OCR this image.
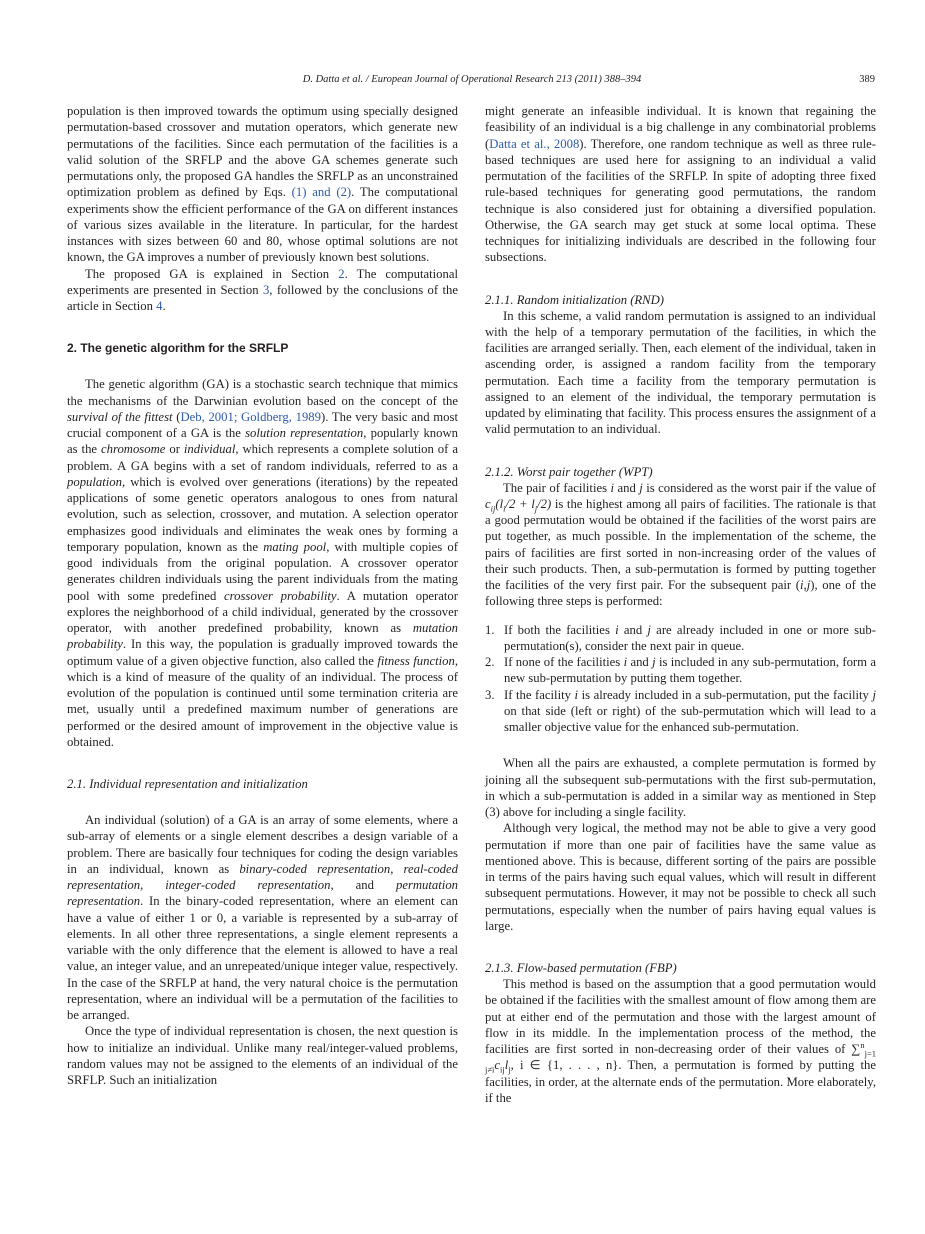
D. Datta et al. / European Journal of Operational Research 213 (2011) 388–394	389

population is then improved towards the optimum using specially designed permutation-based crossover and mutation operators, which generate new permutations of the facilities. Since each permutation of the facilities is a valid solution of the SRFLP and the above GA schemes generate such permutations only, the proposed GA handles the SRFLP as an unconstrained optimization problem as defined by Eqs. (1) and (2). The computational experiments show the efficient performance of the GA on different instances of various sizes available in the literature. In particular, for the hardest instances with sizes between 60 and 80, whose optimal solutions are not known, the GA improves a number of previously known best solutions.

The proposed GA is explained in Section 2. The computational experiments are presented in Section 3, followed by the conclusions of the article in Section 4.

2. The genetic algorithm for the SRFLP

The genetic algorithm (GA) is a stochastic search technique that mimics the mechanisms of the Darwinian evolution based on the concept of the survival of the fittest (Deb, 2001; Goldberg, 1989). The very basic and most crucial component of a GA is the solution representation, popularly known as the chromosome or individual, which represents a complete solution of a problem. A GA begins with a set of random individuals, referred to as a population, which is evolved over generations (iterations) by the repeated applications of some genetic operators analogous to ones from natural evolution, such as selection, crossover, and mutation. A selection operator emphasizes good individuals and eliminates the weak ones by forming a temporary population, known as the mating pool, with multiple copies of good individuals from the original population. A crossover operator generates children individuals using the parent individuals from the mating pool with some predefined crossover probability. A mutation operator explores the neighborhood of a child individual, generated by the crossover operator, with another predefined probability, known as mutation probability. In this way, the population is gradually improved towards the optimum value of a given objective function, also called the fitness function, which is a kind of measure of the quality of an individual. The process of evolution of the population is continued until some termination criteria are met, usually until a predefined maximum number of generations are performed or the desired amount of improvement in the objective value is obtained.

2.1. Individual representation and initialization

An individual (solution) of a GA is an array of some elements, where a sub-array of elements or a single element describes a design variable of a problem. There are basically four techniques for coding the design variables in an individual, known as binary-coded representation, real-coded representation, integer-coded representation, and permutation representation. In the binary-coded representation, where an element can have a value of either 1 or 0, a variable is represented by a sub-array of elements. In all other three representations, a single element represents a variable with the only difference that the element is allowed to have a real value, an integer value, and an unrepeated/unique integer value, respectively. In the case of the SRFLP at hand, the very natural choice is the permutation representation, where an individual will be a permutation of the facilities to be arranged.

Once the type of individual representation is chosen, the next question is how to initialize an individual. Unlike many real/integer-valued problems, random values may not be assigned to the elements of an individual of the SRFLP. Such an initialization

might generate an infeasible individual. It is known that regaining the feasibility of an individual is a big challenge in any combinatorial problems (Datta et al., 2008). Therefore, one random technique as well as three rule-based techniques are used here for assigning to an individual a valid permutation of the facilities of the SRFLP. In spite of adopting three fixed rule-based techniques for generating good permutations, the random technique is also considered just for obtaining a diversified population. Otherwise, the GA search may get stuck at some local optima. These techniques for initializing individuals are described in the following four subsections.

2.1.1. Random initialization (RND)

In this scheme, a valid random permutation is assigned to an individual with the help of a temporary permutation of the facilities, in which the facilities are arranged serially. Then, each element of the individual, taken in ascending order, is assigned a random facility from the temporary permutation. Each time a facility from the temporary permutation is assigned to an element of the individual, the temporary permutation is updated by eliminating that facility. This process ensures the assignment of a valid permutation to an individual.

2.1.2. Worst pair together (WPT)

The pair of facilities i and j is considered as the worst pair if the value of $c_{ij}(l_i/2 + l_j/2)$ is the highest among all pairs of facilities. The rationale is that a good permutation would be obtained if the facilities of the worst pairs are put together, as much possible. In the implementation of the scheme, the pairs of facilities are first sorted in non-increasing order of the values of their such products. Then, a sub-permutation is formed by putting together the facilities of the very first pair. For the subsequent pair (i,j), one of the following three steps is performed:

1. If both the facilities i and j are already included in one or more sub-permutation(s), consider the next pair in queue.
2. If none of the facilities i and j is included in any sub-permutation, form a new sub-permutation by putting them together.
3. If the facility i is already included in a sub-permutation, put the facility j on that side (left or right) of the sub-permutation which will lead to a smaller objective value for the enhanced sub-permutation.

When all the pairs are exhausted, a complete permutation is formed by joining all the subsequent sub-permutations with the first sub-permutation, in which a sub-permutation is added in a similar way as mentioned in Step (3) above for including a single facility.

Although very logical, the method may not be able to give a very good permutation if more than one pair of facilities have the same value as mentioned above. This is because, different sorting of the pairs are possible in terms of the pairs having such equal values, which will result in different subsequent permutations. However, it may not be possible to check all such permutations, especially when the number of pairs having equal values is large.

2.1.3. Flow-based permutation (FBP)

This method is based on the assumption that a good permutation would be obtained if the facilities with the smallest amount of flow among them are put at either end of the permutation and those with the largest amount of flow in its middle. In the implementation process of the method, the facilities are first sorted in non-decreasing order of their values of $\sum^n_{j=1 j\ne i}c_{ij}l_j$, i ∈ {1, . . . , n}. Then, a permutation is formed by putting the facilities, in order, at the alternate ends of the permutation. More elaborately, if the
